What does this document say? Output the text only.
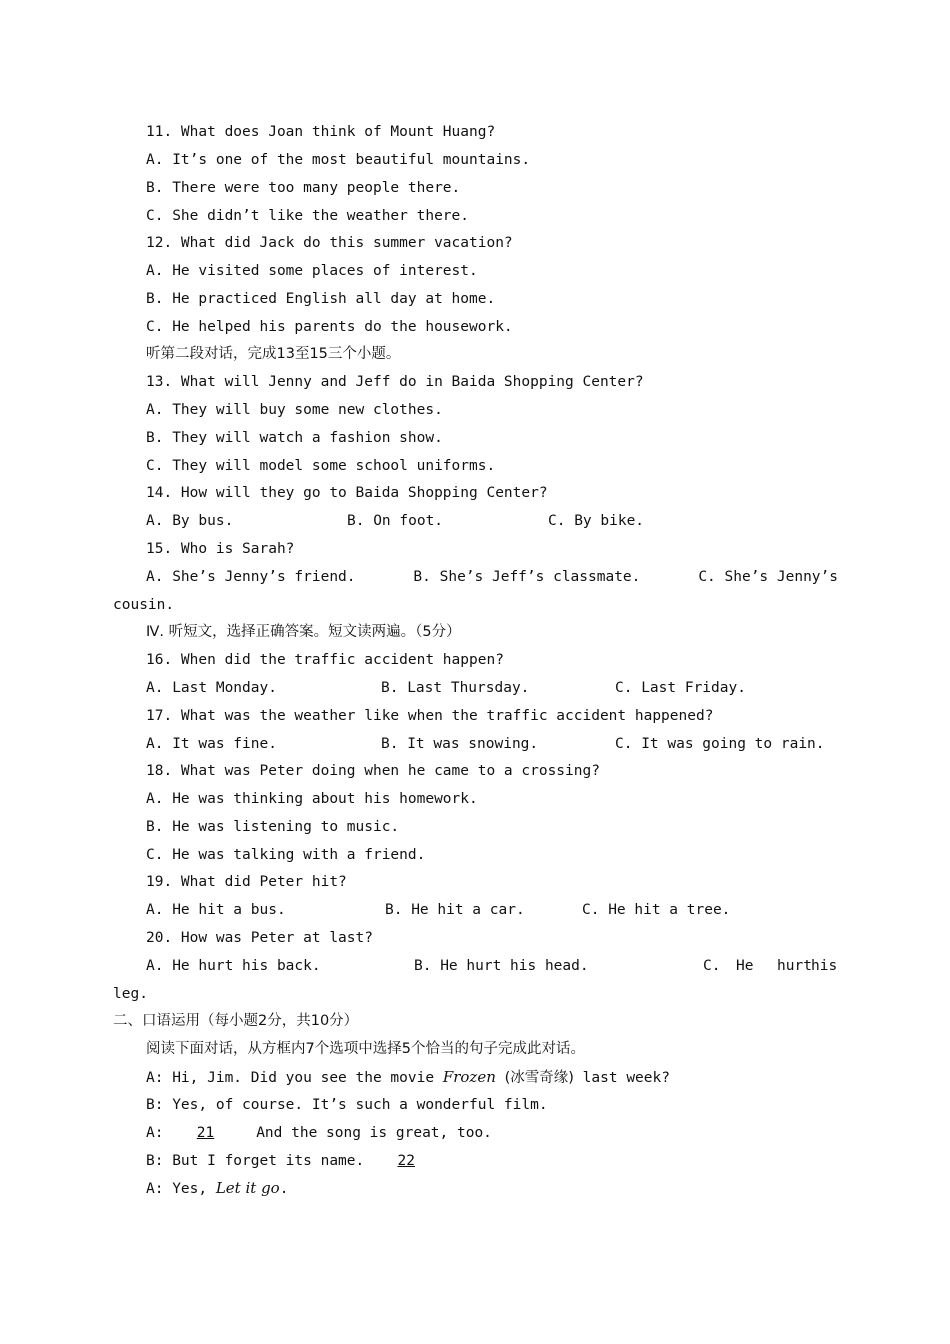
11. What does Joan think of Mount Huang?
A. It’s one of the most beautiful mountains.
B. There were too many people there.
C. She didn’t like the weather there.
12. What did Jack do this summer vacation?
A. He visited some places of interest.
B. He practiced English all day at home.
C. He helped his parents do the housework.
听第二段对话，完成13至15三个小题。
13. What will Jenny and Jeff do in Baida Shopping Center?
A. They will buy some new clothes.
B. They will watch a fashion show.
C. They will model some school uniforms.
14. How will they go to Baida Shopping Center?

A. By bus.

	B. On foot.

	C. By bike.

15. Who is Sarah?
A. She’s Jenny’s friend.	B. She’s Jeff’s classmate.	C. She’s Jenny’s
cousin.
Ⅳ. 听短文，选择正确答案。短文读两遍。（5分）
16. When did the traffic accident happen?

A. Last Monday.

	B. Last Thursday.

	C. Last Friday.

17. What was the weather like when the traffic accident happened?

A. It was fine.

	B. It was snowing.

	C. It was going to rain.

18. What was Peter doing when he came to a crossing?
A. He was thinking about his homework.
B. He was listening to music.
C. He was talking with a friend.
19. What did Peter hit?

A. He hit a bus.

	B. He hit a car.

	C. He hit a tree.

20. How was Peter at last?

A. He hurt his back.

	B. He hurt his head.

	C.

He

hurt

his

leg.
二、口语运用（每小题2分，共10分）
阅读下面对话，从方框内7个选项中选择5个恰当的句子完成此对话。
A: Hi, Jim. Did you see the movie Frozen (冰雪奇缘) last week?
B: Yes, of course. It’s such a wonderful film.
A: 21 And the song is great, too.
B: But I forget its name. 22
A: Yes, Let it go.
